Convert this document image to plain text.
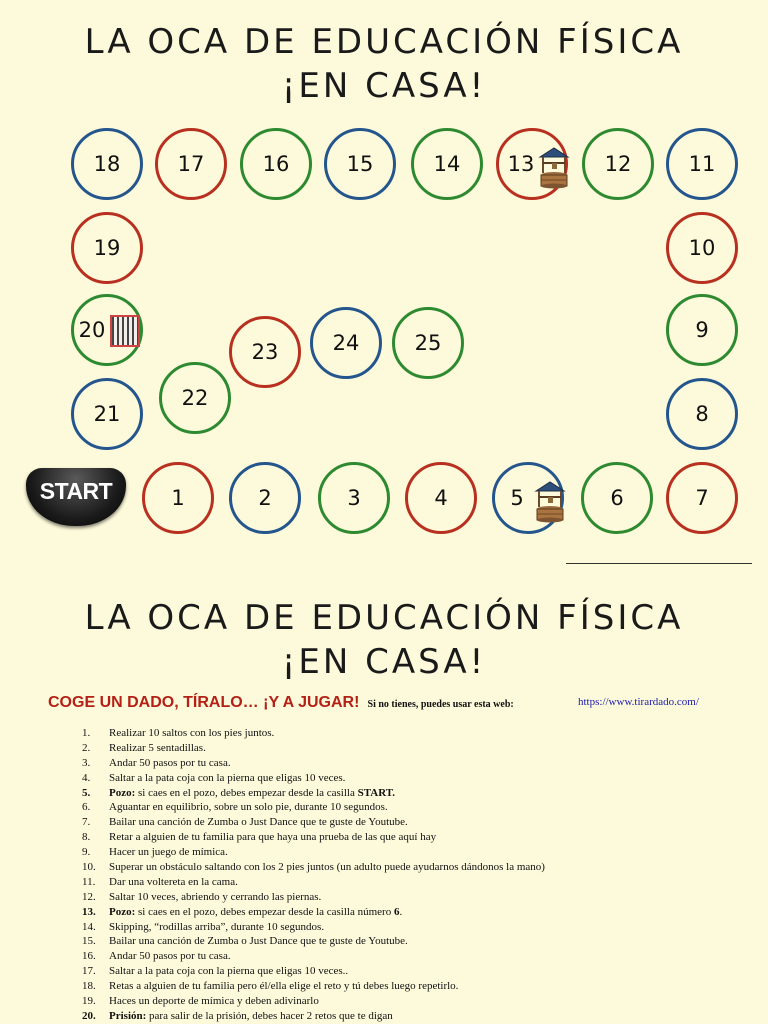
LA OCA DE EDUCACIÓN FÍSICA
¡EN CASA!
1	2	3	4	5	6	7
8
9
10
11
12
13
14
15
16
17
18
19
20
21
22
23	24	25
START
LA OCA DE EDUCACIÓN FÍSICA
¡EN CASA!
COGE UN DADO, TÍRALO… ¡Y A JUGAR! Si no tienes, puedes usar esta web:	https://www.tirardado.com/
1.	Realizar 10 saltos con los pies juntos.
2.	Realizar 5 sentadillas.
3.	Andar 50 pasos por tu casa.
4.	Saltar a la pata coja con la pierna que eligas 10 veces.
5.	Pozo: si caes en el pozo, debes empezar desde la casilla START.
6.	Aguantar en equilibrio, sobre un solo pie, durante 10 segundos.
7.	Bailar una canción de Zumba o Just Dance que te guste de Youtube.
8.	Retar a alguien de tu familia para que haya una prueba de las que aquí hay
9.	Hacer un juego de mímica.
10.	Superar un obstáculo saltando con los 2 pies juntos (un adulto puede ayudarnos dándonos la mano)
11.	Dar una voltereta en la cama.
12.	Saltar 10 veces, abriendo y cerrando las piernas.
13.	Pozo: si caes en el pozo, debes empezar desde la casilla número 6.
14.	Skipping, “rodillas arriba”, durante 10 segundos.
15.	Bailar una canción de Zumba o Just Dance que te guste de Youtube.
16.	Andar 50 pasos por tu casa.
17.	Saltar a la pata coja con la pierna que eligas 10 veces..
18.	Retas a alguien de tu familia pero él/ella elige el reto y tú debes luego repetirlo.
19.	Haces un deporte de mímica y deben adivinarlo
20.	Prisión: para salir de la prisión, debes hacer 2 retos que te digan
